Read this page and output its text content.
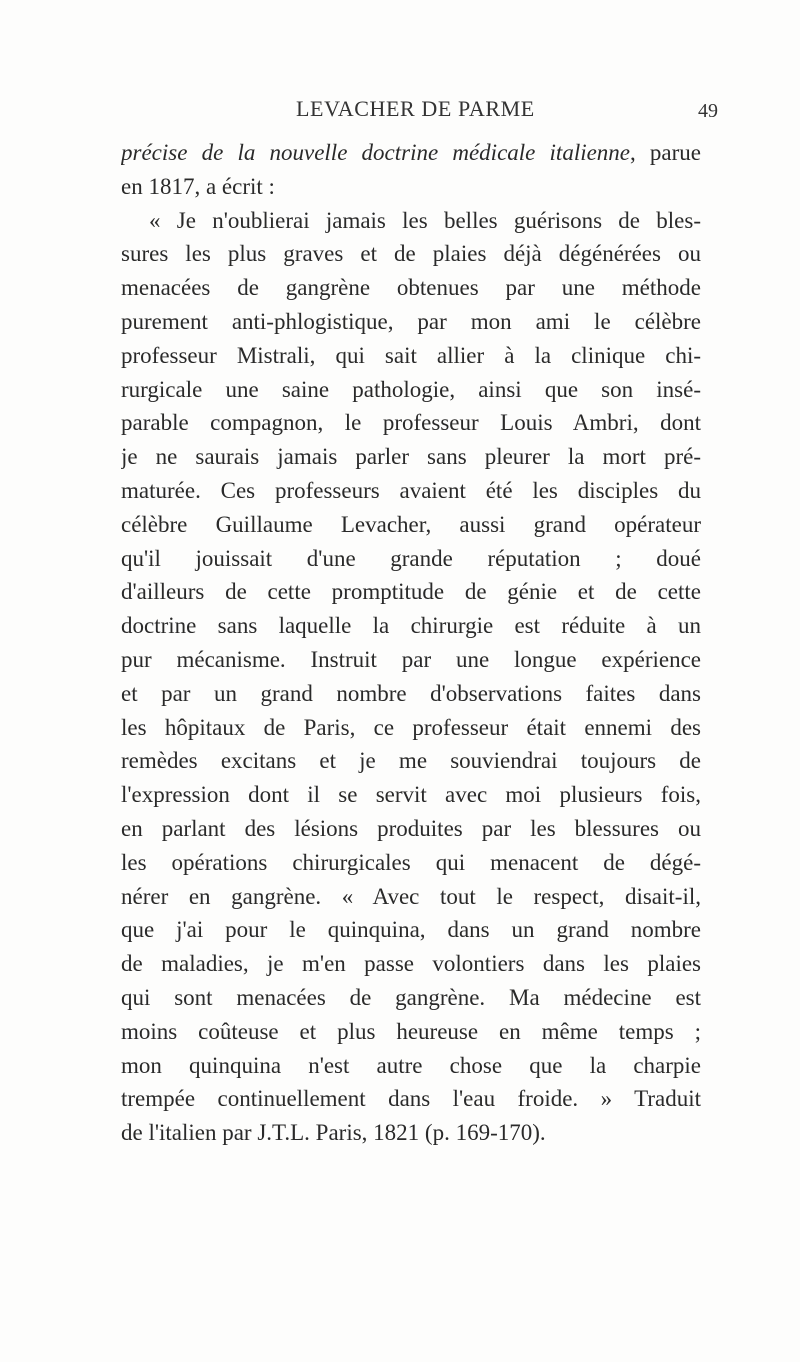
LEVACHER DE PARME	49
précise de la nouvelle doctrine médicale italienne, parue
en 1817, a écrit :
« Je n'oublierai jamais les belles guérisons de bles-
sures les plus graves et de plaies déjà dégénérées ou
menacées de gangrène obtenues par une méthode
purement anti-phlogistique, par mon ami le célèbre
professeur Mistrali, qui sait allier à la clinique chi-
rurgicale une saine pathologie, ainsi que son insé-
parable compagnon, le professeur Louis Ambri, dont
je ne saurais jamais parler sans pleurer la mort pré-
maturée. Ces professeurs avaient été les disciples du
célèbre Guillaume Levacher, aussi grand opérateur
qu'il jouissait d'une grande réputation ; doué
d'ailleurs de cette promptitude de génie et de cette
doctrine sans laquelle la chirurgie est réduite à un
pur mécanisme. Instruit par une longue expérience
et par un grand nombre d'observations faites dans
les hôpitaux de Paris, ce professeur était ennemi des
remèdes excitans et je me souviendrai toujours de
l'expression dont il se servit avec moi plusieurs fois,
en parlant des lésions produites par les blessures ou
les opérations chirurgicales qui menacent de dégé-
nérer en gangrène. « Avec tout le respect, disait-il,
que j'ai pour le quinquina, dans un grand nombre
de maladies, je m'en passe volontiers dans les plaies
qui sont menacées de gangrène. Ma médecine est
moins coûteuse et plus heureuse en même temps ;
mon quinquina n'est autre chose que la charpie
trempée continuellement dans l'eau froide. » Traduit
de l'italien par J.T.L. Paris, 1821 (p. 169-170).
